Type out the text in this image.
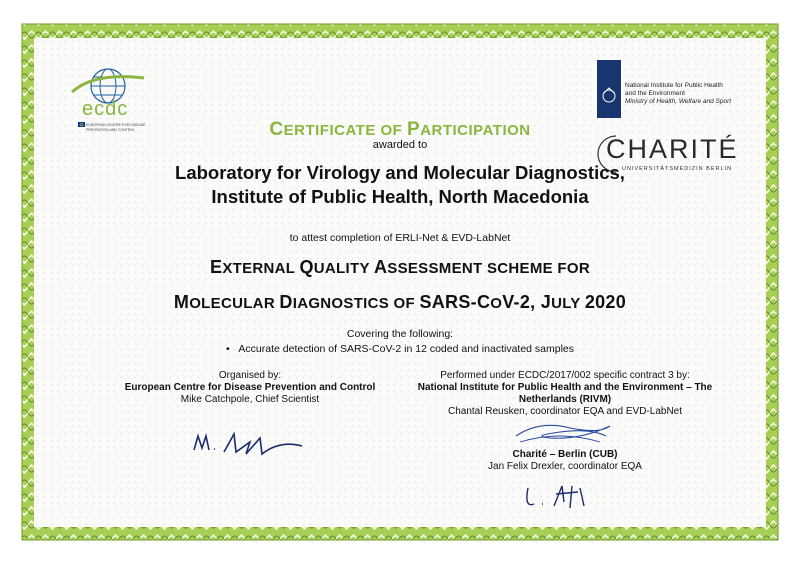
ecdc
EUROPEAN CENTRE FOR DISEASE PREVENTION AND CONTROL
National Institute for Public Health
and the Environment
Ministry of Health, Welfare and Sport
CHARITÉ
UNIVERSITÄTSMEDIZIN BERLIN
CERTIFICATE OF PARTICIPATION
awarded to
Laboratory for Virology and Molecular Diagnostics,
Institute of Public Health, North Macedonia
to attest completion of ERLI-Net & EVD-LabNet
EXTERNAL QUALITY ASSESSMENT SCHEME FOR
MOLECULAR DIAGNOSTICS OF SARS-COV-2, JULY 2020
Covering the following:
•   Accurate detection of SARS-CoV-2 in 12 coded and inactivated samples
Organised by:
European Centre for Disease Prevention and Control
Mike Catchpole, Chief Scientist
Performed under ECDC/2017/002 specific contract 3 by:
National Institute for Public Health and the Environment – The
Netherlands (RIVM)
Chantal Reusken, coordinator EQA and EVD-LabNet
Charité – Berlin (CUB)
Jan Felix Drexler, coordinator EQA
